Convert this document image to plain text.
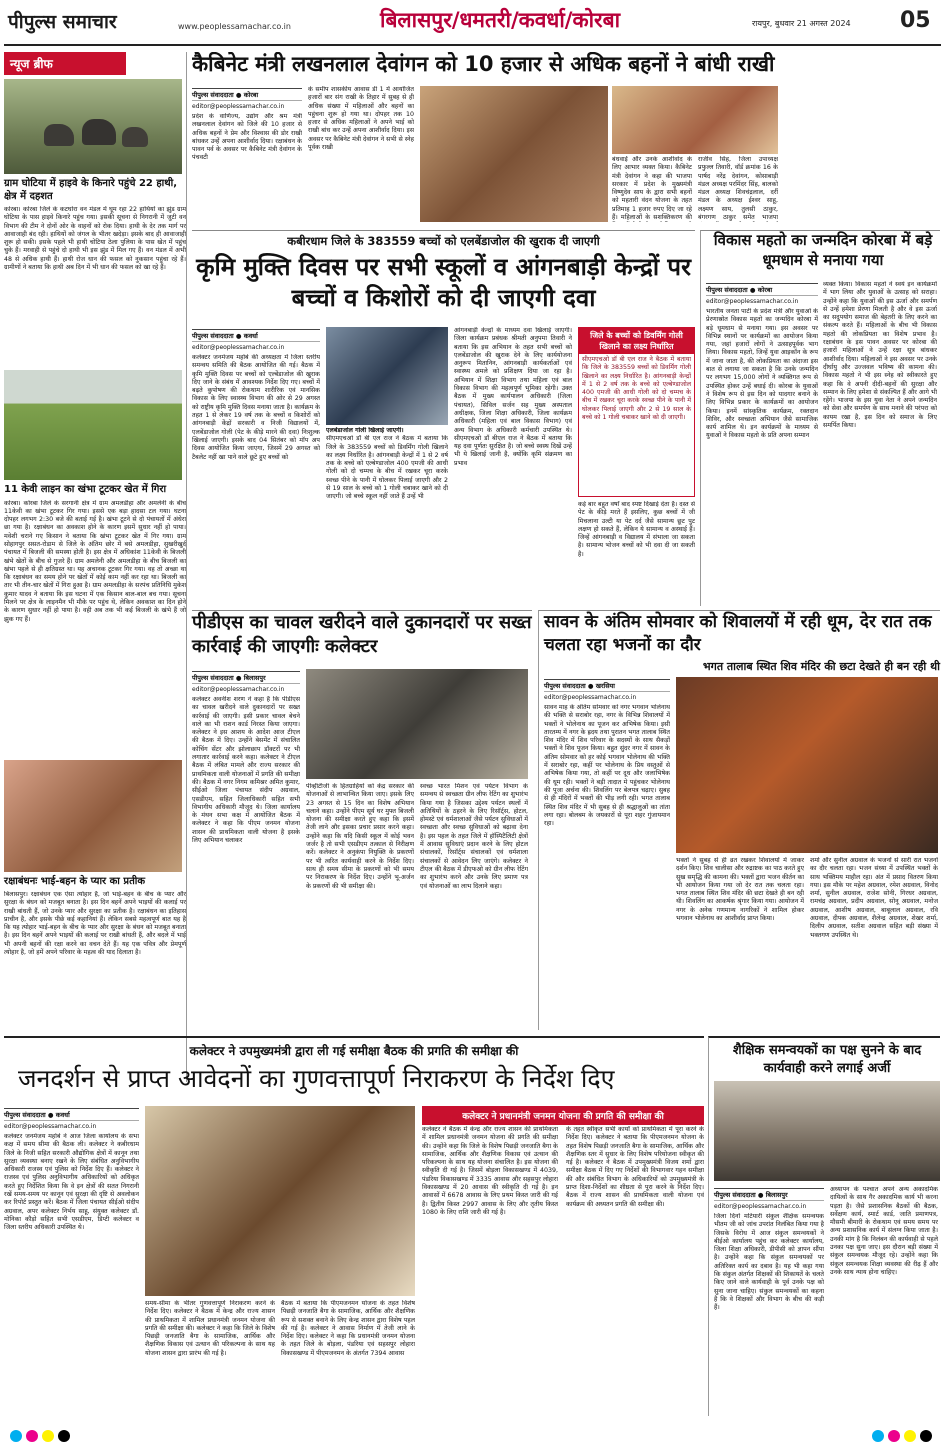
पीपुल्स समाचार	www.peoplessamachar.co.in	बिलासपुर/धमतरी/कवर्धा/कोरबा	रायपुर, बुधवार 21 अगस्त 2024 05
न्यूज ब्रीफ
ग्राम घोटिया में हाइवे के किनारे पहुंचे 22 हाथी, क्षेत्र में दहशत
कोरबा। कोरबा जिले के कटघोरा वन मंडल में घूम रहा 22 हाथियों का झुंड ग्राम घोटिया के पास हाइवे किनारे पहुंच गया। इसकी सूचना से निगरानी में जुटी वन विभाग की टीम ने दोनों ओर के वाहनों को रोक दिया। हाथी के देर तक मार्ग पर आवाजाही बंद रही। हाथियों को जंगल के भीतर खदेड़ा। इसके बाद ही आवाजाही शुरू हो सकी। इसके पहले भी हाथी चोटिया ठेला पुलिया के पास खेत में पहुंच चुके हैं। मरवाही से पहुंचे दो हाथी भी इस झुंड में मिल गए हैं। वन मंडल में अभी 48 से अधिक हाथी हैं। हाथी रोज धान की फसल को नुकसान पहुंचा रहे हैं। ग्रामीणों ने बताया कि हाथी अब दिन में भी धान की फसल को खा रहे हैं।
11 केवी लाइन का खंभा टूटकर खेत में गिरा
कोरबा। कोरबा जिले के सरगानी क्षेत्र में ग्राम अमलडीहा और अमलेनी के बीच 11केवी का खंभा टूटकर गिर गया। इससे एक बड़ा हादसा टल गया। घटना दोपहर लगभग 2:30 बजे की बताई गई है। खंभा टूटने से दो पंचायतों में अंधेरा छा गया है। रक्षाबंधन का अवकाश होने के कारण इसमें सुधार नहीं हो पाया। मवेशी चराने गए किसान ने बताया कि खंभा टूटकर खेत में गिर गया। ग्राम सोहागपुर ससत-रोडाम से जिले के अंतिम छोर में बसे अमलडीहा, सुखरीखुर्द पंचायत में बिजली की समस्या होती है। इस क्षेत्र में अधिकांश 11केवी के बिजली खंभे खेतों के बीच से गुजरे हैं। ग्राम अमलेनी और अमलडीहा के बीच बिजली का खंभा पहले से ही क्षतिग्रस्त था। यह अचानक टूटकर गिर गया। वह तो अच्छा था कि रक्षाबंधन का समय होने पर खेतों में कोई काम नहीं कर रहा था। बिजली का तार भी तीन-चार खेतों में गिरा हुआ है। ग्राम अमलडीहा के सरपंच प्रतिनिधि मुकेश कुमार यादव ने बताया कि इस घटना में एक किसान बाल-बाल बच गया। सूचना मिलने पर क्षेत्र के लाइनमैन भी मौके पर पहुंच थे, लेकिन अवकाश का दिन होने के कारण सुधार नहीं हो पाया है। वही अब तक भी कई बिजली के खंभे हैं जो झुक गए हैं।
रक्षाबंधनः भाई-बहन के प्यार का प्रतीक
बिलासपुर। रक्षाबंधन एक ऐसा त्योहार है, जो भाई-बहन के बीच के प्यार और सुरक्षा के बंधन को मजबूत बनाता है। इस दिन बहनें अपने भाइयों की कलाई पर राखी बांधती हैं, जो उनके प्यार और सुरक्षा का प्रतीक है। रक्षाबंधन का इतिहास प्राचीन है, और इसके पीछे कई कहानियां हैं। लेकिन सबसे महत्वपूर्ण बात यह है कि यह त्योहार भाई-बहन के बीच के प्यार और सुरक्षा के बंधन को मजबूत बनाता है। इस दिन बहनें अपने भाइयों की कलाई पर राखी बांधती हैं, और बदले में भाई भी अपनी बहनों की रक्षा करने का वचन देते हैं। यह एक पवित्र और प्रेमपूर्ण त्योहार है, जो हमें अपने परिवार के महत्व की याद दिलाता है।
कैबिनेट मंत्री लखनलाल देवांगन को 10 हजार से अधिक बहनों ने बांधी राखी
पीपुल्स संवाददाता ● कोरबा
editor@peoplessamachar.co.in
प्रदेश के वाणिज्य, उद्योग और श्रम मंत्री लखनलाल देवांगन को जिले की 10 हजार से अधिक बहनों ने प्रेम और विश्वास की डोर राखी बांधकर उन्हें अपना आशीर्वाद दिया। रक्षाबंधन के पावन पर्व के अवसर पर कैबिनेट मंत्री देवांगन के पंचवटी
के समीप शासकीय आवास डी 1 में आयोजित हजारों बार संग राखी के तिहार में सुबह से ही अधिक संख्या में महिलाओं और बहनों का पहुंचना शुरू हो गया था। दोपहर तक 10 हजार से अधिक महिलाओं ने अपने भाई को राखी बांध कर उन्हें अपना आशीर्वाद दिया। इस अवसर पर कैबिनेट मंत्री देवांगन ने सभी से स्नेह पूर्वक राखी
बंधवाईं और उनके आशीर्वाद के लिए आभार व्यक्त किया। कैबिनेट मंत्री देवांगन ने कहा की भाजपा सरकार में प्रदेश के मुख्यमंत्री विष्णुदेव साय के द्वारा सभी बहनों को महतारी वंदन योजना के तहत प्रतिमाह 1 हजार रुपए दिए जा रहे हैं। महिलाओं के सशक्तिकरण की
राजीव सिंह, जिला उपाध्यक्ष प्रफुल्ल तिवारी, वॉर्ड क्रमांक 16 के पार्षद नरेंद्र देवांगन, कोसाबाड़ी मंडल अध्यक्ष परमिंदर सिंह, बालको मंडल अध्यक्ष शिवचंद्रलाल, दर्री मंडल के अध्यक्ष ईश्वर साहू, लक्ष्मण साय, तुलसी ठाकुर, बंगरगण ठाकुर समेत भाजपा
कबीरधाम जिले के 383559 बच्चों को एलबेंडाजोल की खुराक दी जाएगी
कृमि मुक्ति दिवस पर सभी स्कूलों व आंगनबाड़ी केन्द्रों पर बच्चों व किशोरों को दी जाएगी दवा
पीपुल्स संवाददाता ● कवर्धा
editor@peoplessamachar.co.in
कलेक्टर जनमेजय महोबे की अध्यक्षता में जिला स्तरीय समन्वय समिति की बैठक आयोजित की गई। बैठक में कृमि मुक्ति दिवस पर बच्चों को एल्बेंडाजोल की खुराक दिए जाने के संबंध में आवश्यक निर्देश दिए गए। बच्चों में बढ़ते कुपोषण की रोकथाम शारीरिक एवं मानसिक विकास के लिए स्वास्थ्य विभाग की ओर से 29 अगस्त को राष्ट्रीय कृमि मुक्ति दिवस मनाया जाता है। कार्यक्रम के तहत 1 से लेकर 19 वर्ष तक के बच्चों व किशोरों को आंगनबाड़ी केंद्रों सरकारी व निजी विद्यालयों में, एलबेंडाजोल गोली (पेट के कीड़े मारने की दवा) निःशुल्क खिलाई जाएगी। इसके बाद 04 सितंबर को मॉप अप दिवस आयोजित किया जाएगा, जिसमें 29 अगस्त को टैबलेट नहीं खा पाने वाले छूटे हुए बच्चों को
एलबेंडाजोल गोली खिलाई जाएगी।
सीएमएचओ डॉ बी एल राज ने बैठक में बताया कि जिले के 383559 बच्चों को डिवर्मिंग गोली खिलाने का लक्ष्य निर्धारित है। आंगनबाड़ी केन्द्रों में 1 से 2 वर्ष तक के बच्चे को एल्बेण्डाजोल 400 एमजी की आधी गोली को दो चम्मच के बीच में रखकर चूरा करके स्वच्छ पीने के पानी में घोलकर पिलाई जाएगी और 2 से 19 साल के बच्चे को 1 गोली चबाकर खाने को दी जाएगी। जो बच्चे स्कूल नहीं जाते हैं उन्हें भी
आंगनबाड़ी केन्द्रों के माध्यम दवा खिलाई जाएगी। जिला कार्यक्रम प्रबंधक श्रीमती अनुपमा तिवारी ने बताया कि इस अभियान के तहत सभी बच्चों को एलबेंडाजोल की खुराक देने के लिए कार्ययोजना अनुरूप मितानिन, आंगनबाड़ी कार्यकर्ताओं एवं स्वास्थ्य अमले को प्रशिक्षण दिया जा रहा है। अभियान में शिक्षा विभाग तथा महिला एवं बाल विकास विभाग की महत्वपूर्ण भूमिका रहेगी। उक्त बैठक में मुख्य कार्यपालन अधिकारी (जिला पंचायत), सिविल सर्जन सह मुख्य अस्पताल अधीक्षक, जिला शिक्षा अधिकारी, जिला कार्यक्रम अधिकारी (महिला एवं बाल विकास विभाग) एवं अन्य विभाग के अधिकारी कर्मचारी उपस्थित थे। सीएमएचओ डॉ बीएल राज ने बैठक में बताया कि यह दवा पूर्णतः सुरक्षित है। जो बच्चे स्वस्थ दिखें उन्हें भी ये खिलाई जानी है, क्योंकि कृमि संक्रमण का प्रभाव
जिले के बच्चों को डिवर्मिंग गोली खिलाने का लक्ष्य निर्धारित
सीएमएचओ डॉ बी एल राज ने बैठक में बताया कि जिले के 383559 बच्चों को डिवर्मिंग गोली खिलाने का लक्ष्य निर्धारित है। आंगनबाड़ी केन्द्रों में 1 से 2 वर्ष तक के बच्चे को एल्बेण्डाजोल 400 एमजी की आधी गोली को दो चम्मच के बीच में रखकर चूरा करके स्वच्छ पीने के पानी में घोलकर पिलाई जाएगी और 2 से 19 साल के बच्चे को 1 गोली चबाकर खाने को दी जाएगी।
कई बार बहुत वर्षों बाद स्पष्ट दिखाई देता है। दस्त से पेट के कीड़े मरते हैं इसलिए, कुछ बच्चों में जी मिचलाना उल्टी या पेट दर्द जैसे सामान्य छूट पुट लक्षण हो सकते हैं, लेकिन ये सामान्य व अस्थाई हैं। जिन्हें आंगनबाड़ी व विद्यालय में संभाला जा सकता है। सामान्य भोजन बच्चों को भी दवा दी जा सकती है।
विकास महतो का जन्मदिन कोरबा में बड़े धूमधाम से मनाया गया
पीपुल्स संवाददाता ● कोरबा
editor@peoplessamachar.co.in
भारतीय जनता पार्टी के प्रदेश मंत्री और युवाओं के प्रेरणास्रोत विकास महतो का जन्मदिन कोरबा में बड़े धूमधाम से मनाया गया। इस अवसर पर विभिन्न स्थानों पर कार्यक्रमों का आयोजन किया गया, जहां हजारों लोगों ने उत्साहपूर्वक भाग लिया। विकास महतो, जिन्हें युवा आइकॉन के रूप में जाना जाता है, की लोकप्रियता का अंदाजा इस बात से लगाया जा सकता है कि उनके जन्मदिन पर लगभग 15,000 लोगों ने व्यक्तिगत रूप से उपस्थित होकर उन्हें बधाई दी। कोरबा के युवाओं ने विशेष रूप से इस दिन को यादगार बनाने के लिए विभिन्न प्रकार के कार्यक्रमों का आयोजन किया। इनमें सांस्कृतिक कार्यक्रम, रक्तदान शिविर, और स्वच्छता अभियान जैसे सामाजिक कार्य शामिल थे। इन कार्यक्रमों के माध्यम से युवाओं ने विकास महतो के प्रति अपना सम्मान
व्यक्त किया। विकास महतो ने स्वयं इन कार्यक्रमों में भाग लिया और युवाओं के उत्साह को सराहा। उन्होंने कहा कि युवाओं की इस ऊर्जा और समर्पण से उन्हें हमेशा प्रेरणा मिलती है और वे इस ऊर्जा का सदुपयोग समाज की बेहतरी के लिए करने का संकल्प करते हैं। महिलाओं के बीच भी विकास महतो की लोकप्रियता का विशेष प्रभाव है। रक्षाबंधन के इस पावन अवसर पर कोरबा की हजारों महिलाओं ने उन्हें रक्षा सूत्र बांधकर आशीर्वाद दिया। महिलाओं ने इस अवसर पर उनके दीर्घायु और उज्जवल भविष्य की कामना की। विकास महतो ने भी इस स्नेह को स्वीकारते हुए कहा कि वे अपनी दीदी-बहनों की सुरक्षा और सम्मान के लिए हमेशा से संकल्पित हैं और आगे भी रहेंगे। भाजपा के इस युवा नेता ने अपने जन्मदिन को सेवा और समर्पण के साथ मनाने की परंपरा को कायम रखा है, इस दिन को समाज के लिए समर्पित किया।
पीडीएस का चावल खरीदने वाले दुकानदारों पर सख्त कार्रवाई की जाएगीः कलेक्टर
पीपुल्स संवाददाता ● बिलासपुर
editor@peoplessamachar.co.in
कलेक्टर अवनीश शरण ने कहा है कि पीडीएस का चावल खरीदने वाले दुकानदारों पर सख्त कार्रवाई की जाएगी। इसी प्रकार चावल बेचने वाले का भी राशन कार्ड निरस्त किया जाएगा। कलेक्टर ने इस आशय के आदेश आज टीएल की बैठक में दिए। उन्होंने बेसमेंट में संचालित कोचिंग सेंटर और झोलाछाप डॉक्टरों पर भी लगातार कार्रवाई करने कहा। कलेक्टर ने टीएल बैठक में लंबित मामले और राज्य सरकार की प्राथमिकता वाली योजनाओं में प्रगति की समीक्षा की। बैठक में नगर निगम कमिश्नर अमित कुमार, सीईओ जिला पंचायत संदीप अग्रवाल, एसडीएम, सहित जिलाधिकारी सहित सभी विभागीय अधिकारी मौजूद थे। जिला कार्यालय के मंथन सभा कक्ष में आयोजित बैठक में कलेक्टर ने कहा कि पीएम जनमन योजना शासन की प्राथमिकता वाली योजना है इसके लिए अभियान चलाकर
पीव्हीटीजी के हितग्राहियों को केंद्र सरकार की योजनाओं से लाभान्वित किया जाए। इसके लिए 23 अगस्त से 15 दिन का विशेष अभियान चलाने कहा। उन्होंने पीएम सूर्य घर मुफ्त बिजली योजना की समीक्षा करते हुए कहा कि इसमें तेजी लाने और इसका प्रचार प्रसार करने कहा। उन्होंने कहा कि यदि किसी स्कूल में कोई भवन जर्जर है तो सभी एसडीएम तत्काल से निरीक्षण करें। कलेक्टर ने अनुकंपा नियुक्ति के प्रकरणों पर भी त्वरित कार्यवाही करने के निर्देश दिए। साथ ही समय सीमा के प्रकरणों को भी समय पर निराकरण के निर्देश दिए। उन्होंने भू-अर्जन के प्रकरणों की भी समीक्षा की।
स्वच्छ भारत मिशन एवं पर्यटन विभाग के समन्वय से स्वच्छता ग्रीन लीफ रेटिंग का शुभारंभ किया गया है जिसका उद्देश्य पर्यटन स्थलों में अतिथियों के ठहरने के लिए रिसॉर्ट्स, होटल, होमस्टे एवं धर्मशालाओं जैसे पर्यटन सुविधाओं में स्वच्छता और स्वच्छ सुविधाओं को बढ़ावा देना है। इस पहल के तहत जिले में हॉस्पिटैलिटी क्षेत्रों में आवास सुविधाएं प्रदान करने के लिए होटल संचालकों, रिसॉर्ट्स संचालकों एवं धर्मशाला संचालकों से आवेदन लिए जाएंगे। कलेक्टर ने टीएल की बैठक में डीएफओ को ग्रीन लीफ रेटिंग का शुभारंभ करने और उनके लिए प्रमाण पत्र एवं योजनाओं का लाभ दिलाने कहा।
सावन के अंतिम सोमवार को शिवालयों में रही धूम, देर रात तक चलता रहा भजनों का दौर
भगत तालाब स्थित शिव मंदिर की छटा देखते ही बन रही थी
पीपुल्स संवाददाता ● खरसिया
editor@peoplessamachar.co.in
सावन माह के अंतिम सोमवार को नगर भगवान भोलेनाथ की भक्ति से सराबोर रहा, नगर के विभिन्न शिवालयों में भक्तों ने भोलेनाथ का पूजन कर अभिषेक किया। इसी तारतम्य में नगर के ह्रदय तथा पुरातन भगत तालाब स्थित शिव मंदिर में शिव परिवार के सदस्यों के साथ सैकड़ों भक्तों ने शिव पूजन किया। बहुत सुंदर नगर में सावन के अंतिम सोमवार को हर कोई भगवान भोलेनाथ की भक्ति में सराबोर रहा, कहीं पर भोलेनाथ के प्रिय वस्तुओं से अभिषेक किया गया, तो कहीं पर दूध और जलाभिषेक की धूम रही। भक्तों ने बड़ी तादात मे पहुंचकर भोलेनाथ की पूजा अर्चना की। शिवलिंग पर बेलपत्र चढ़ाए। सुबह से ही मंदिरों में भक्तों की भीड़ लगी रही। भगत तालाब स्थित शिव मंदिर में भी सुबह से ही श्रद्धालुओं का तांता लगा रहा। बोलबम के जयकारों से पूरा शहर गुंजायमान रहा।
भक्तों ने सुबह से ही व्रत रखकर शिवालयों में जाकर दर्शन किए। शिव चालीसा और रुद्राष्टक का पाठ करते हुए सुख समृद्धि की कामना की। भक्तों द्वारा भजन कीर्तन का भी आयोजन किया गया जो देर रात तक चलता रहा। भगत तालाब स्थित शिव मंदिर की छटा देखते ही बन रही थी। शिवलिंग का आकर्षक श्रृंगार किया गया। आयोजन में नगर के अनेक गणमान्य नागरिकों ने शामिल होकर भगवान भोलेनाथ का आशीर्वाद प्राप्त किया।
शर्मा और सुनील अग्रवाल के भजनों से सारी रात भजनों का दौर चलता रहा। भजन संध्या में उपस्थित भक्तों के साथ भक्तिमय माहौल रहा। अंत में प्रसाद वितरण किया गया। इस मौके पर महेश अग्रवाल, रमेश अग्रवाल, विनोद शर्मा, सुनील अग्रवाल, राजेश सोनी, गिरधर अग्रवाल, रामचंद्र अग्रवाल, प्रदीप अग्रवाल, सोनू अग्रवाल, मनोज अग्रवाल, आशीष अग्रवाल, बाबूलाल अग्रवाल, रवि अग्रवाल, दीपक अग्रवाल, शैलेन्द्र अग्रवाल, शेखर शर्मा, दिलीप अग्रवाल, सतीश अग्रवाल सहित बड़ी संख्या में भक्तगण उपस्थित थे।
कलेक्टर ने उपमुख्यमंत्री द्वारा ली गई समीक्षा बैठक की प्रगति की समीक्षा की
जनदर्शन से प्राप्त आवेदनों का गुणवत्तापूर्ण निराकरण के निर्देश दिए
पीपुल्स संवाददाता ● कवर्धा
editor@peoplessamachar.co.in
कलेक्टर जनमेजय महोबे ने आज जिला कार्यालय के सभा कक्ष में समय सीमा की बैठक ली। कलेक्टर ने कबीरधाम जिले के निजी सहित सरकारी औद्योगिक क्षेत्रों में कानून तथा सुरक्षा व्यवस्था बनाए रखने के लिए संबंधित अनुविभागीय अधिकारी राजस्व एवं पुलिस को निर्देश दिए हैं। कलेक्टर ने राजस्व एवं पुलिस अनुविभागीय अधिकारियों को अधिकृत करते हुए निर्देशित किया कि वे इन क्षेत्रों की सतत निगरानी रखें समय-समय पर कानून एवं सुरक्षा की दृष्टि से अवलोकन कर रिपोर्ट प्रस्तुत करें। बैठक में जिला पंचायत सीईओ संदीप अग्रवाल, अपर कलेक्टर निर्भय साहू, संयुक्त कलेक्टर डॉ. मोनिका कौड़ो सहित सभी एसडीएम, डिप्टी कलेक्टर व जिला स्तरीय अधिकारी उपस्थित थे।
समय-सीमा के भीतर गुणवत्तापूर्ण निराकरण करने के निर्देश दिए। कलेक्टर ने बैठक में केन्द्र और राज्य शासन की प्राथमिकता में शामिल प्रधानमंत्री जनमन योजना की प्रगति की समीक्षा की। कलेक्टर ने कहा कि जिले के विशेष पिछड़ी जनजाति बैगा के सामाजिक, आर्थिक और शैक्षणिक विकास एवं उत्थान की परिकल्पना के साथ यह योजना शासन द्वारा प्रारंभ की गई है।
बैठक में बताया कि पीएमजनमन योजना के तहत विशेष पिछड़ी जनजाति बैगा के सामाजिक, आर्थिक और शैक्षणिक रूप से सशक्त बनाने के लिए केन्द्र शासन द्वारा विशेष पहल की गई है। कलेक्टर ने आवास निर्माण में तेजी लाने के निर्देश दिए। कलेक्टर ने कहा कि प्रधानमंत्री जनमन योजना के तहत जिले के बोड़ला, पंडरिया एवं सहसपुर लोहारा विकासखण्ड में पीएमजनमन के अंतर्गत 7394 आवास
कलेक्टर ने प्रधानमंत्री जनमन योजना की प्रगति की समीक्षा की
कलेक्टर ने बैठक में केन्द्र और राज्य शासन की प्राथमिकता में शामिल प्रधानमंत्री जनमन योजना की प्रगति की समीक्षा की। उन्होंने कहा कि जिले के विशेष पिछड़ी जनजाति बैगा के सामाजिक, आर्थिक और शैक्षणिक विकास एवं उत्थान की परिकल्पना के साथ यह योजना संचालित है। इस योजना की स्वीकृति दी गई है। जिसमें बोड़ला विकासखण्ड में 4039, पंडरिया विकासखण्ड में 3335 आवास और सहसपुर लोहारा विकासखण्ड में 20 आवास की स्वीकृति दी गई है। इन आवासों में 6678 आवास के लिए प्रथम किस्त जारी की गई है। द्वितीय किस्त 2997 आवास के लिए और तृतीय किस्त 1080 के लिए राशि जारी की गई है।
के तहत स्वीकृत सभी कार्यों को प्राथमिकता में पूरा करने के निर्देश दिए। कलेक्टर ने बताया कि पीएमजनमन योजना के तहत विशेष पिछड़ी जनजाति बैगा के सामाजिक, आर्थिक और शैक्षणिक स्तर में सुधार के लिए विशेष परियोजना स्वीकृत की गई है। कलेक्टर ने बैठक में उपमुख्यमंत्री विजय शर्मा द्वारा समीक्षा बैठक में दिए गए निर्देशों की विभागवार गहन समीक्षा की और संबंधित विभाग के अधिकारियों को उपमुख्यमंत्री के प्राप्त दिशा-निर्देशों का शीघ्रता से पूरा करने के निर्देश दिए। बैठक में राज्य शासन की प्राथमिकता वाली योजना एवं कार्यक्रम की अध्यतन प्रगति की समीक्षा की।
शैक्षिक समन्वयकों का पक्ष सुनने के बाद कार्यवाही करने लगाई अर्जी
पीपुल्स संवाददाता ● बिलासपुर
editor@peoplessamachar.co.in
जिला दिनों मटियारी संकुल शैक्षिक समन्वयक भीतम जी को जांच उपरांत निलंबित किया गया है जिसके विरोध में आज संकुल समन्वयकों ने बीईओ कार्यालय पहुंच कर कलेक्टर कार्यालय, जिला शिक्षा अधिकारी, डीपीसी को ज्ञापन सौंपा है। उन्होंने कहा कि संकुल समन्वयकों पर अतिरिक्त कार्य का दबाव है। यह भी कहा गया कि संकुल अंतर्गत शिक्षकों की शिकायतें के चलते किए जाने वाले कार्यवाही के पूर्व उनके पक्ष को सुना जाना चाहिए। संकुल समन्वयकों का कहना है कि वे शिक्षकों और विभाग के बीच की कड़ी हैं।
अध्यापन के पश्चात अपने अन्य अकादमिक दायित्वों के साथ गैर अकादमिक कार्य भी करना पड़ता है। जैसे प्रशासनिक बैठकों की बैठक, सर्वेक्षण कार्य, स्मार्ट कार्ड, जाति प्रमाणपत्र, मौसमी बीमारी के रोकथाम एवं समय समय पर अन्य प्रशासनिक कार्य में संलग्न किया जाता है। उनकी मांग है कि निलंबन की कार्यवाही से पहले उनका पक्ष सुना जाए। इस दौरान बड़ी संख्या में संकुल समन्वयक मौजूद रहे। उन्होंने कहा कि संकुल समन्वयक शिक्षा व्यवस्था की रीढ़ हैं और उनके साथ न्याय होना चाहिए।
